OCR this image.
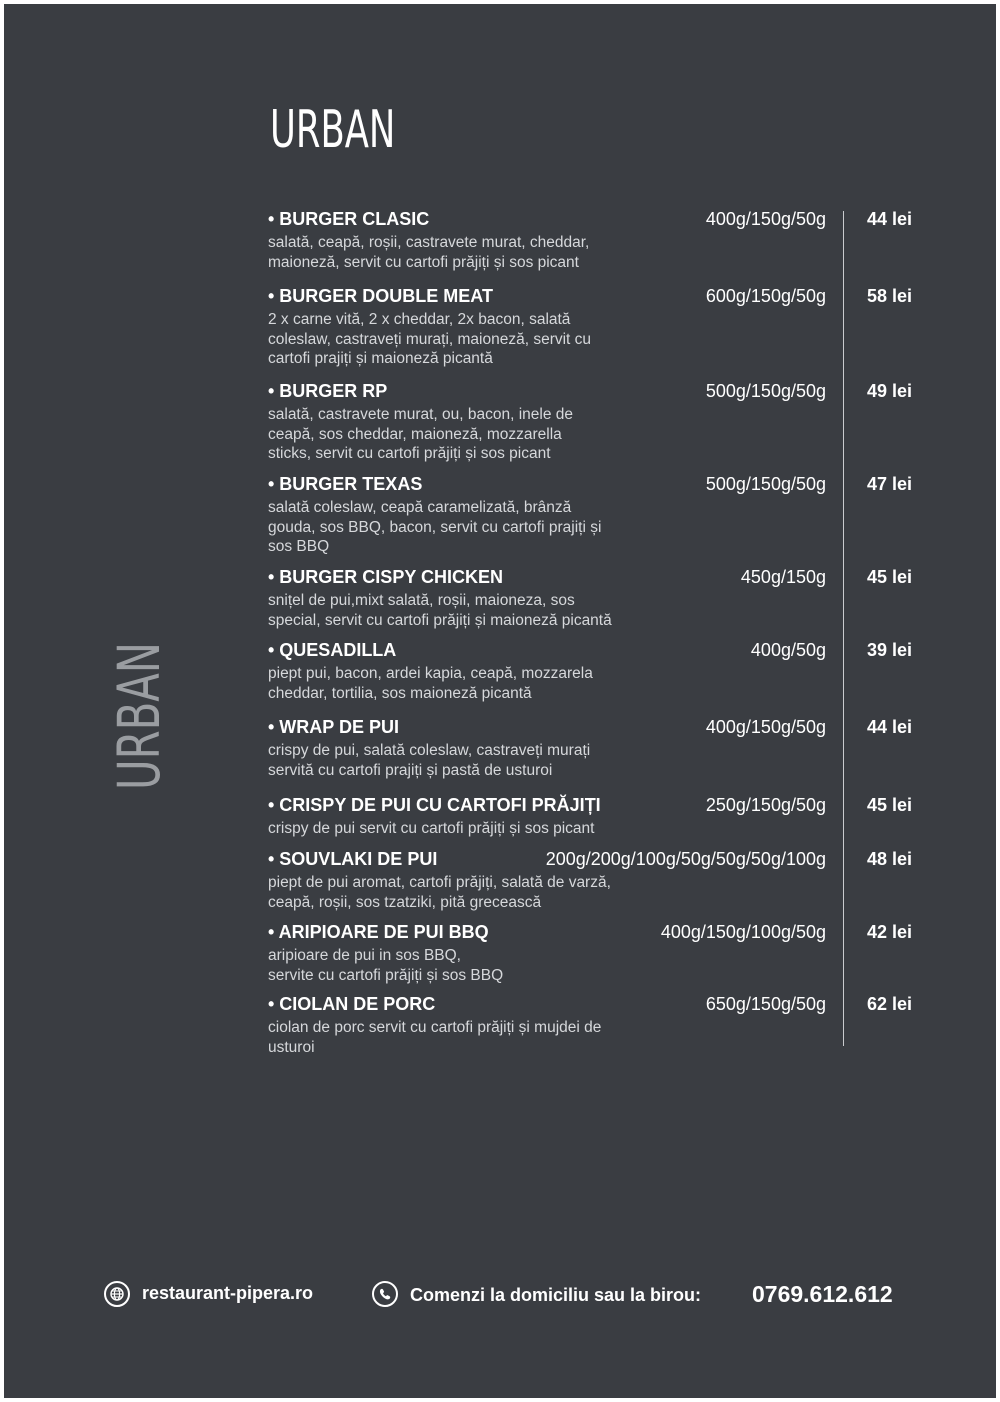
URBAN
URBAN
• BURGER CLASIC	400g/150g/50g 44 lei
salată, ceapă, roșii, castravete murat, cheddar,
maioneză, servit cu cartofi prăjiți și sos picant
• BURGER DOUBLE MEAT	600g/150g/50g 58 lei
2 x carne vită, 2 x cheddar, 2x bacon, salată
coleslaw, castraveți murați, maioneză, servit cu
cartofi prajiți și maioneză picantă
• BURGER RP	500g/150g/50g 49 lei
salată, castravete murat, ou, bacon, inele de
ceapă, sos cheddar, maioneză, mozzarella
sticks, servit cu cartofi prăjiți și sos picant
• BURGER TEXAS	500g/150g/50g 47 lei
salată coleslaw, ceapă caramelizată, brânză
gouda, sos BBQ, bacon, servit cu cartofi prajiți și
sos BBQ
• BURGER CISPY CHICKEN	450g/150g 45 lei
snițel de pui,mixt salată, roșii, maioneza, sos
special, servit cu cartofi prăjiți și maioneză picantă
• QUESADILLA	400g/50g 39 lei
piept pui, bacon, ardei kapia, ceapă, mozzarela
cheddar, tortilia, sos maioneză picantă
• WRAP DE PUI	400g/150g/50g 44 lei
crispy de pui, salată coleslaw, castraveți murați
servită cu cartofi prajiți și pastă de usturoi
• CRISPY DE PUI CU CARTOFI PRĂJIȚI	250g/150g/50g 45 lei
crispy de pui servit cu cartofi prăjiți și sos picant
• SOUVLAKI DE PUI	200g/200g/100g/50g/50g/50g/100g 48 lei
piept de pui aromat, cartofi prăjiți, salată de varză,
ceapă, roșii, sos tzatziki, pită grecească
• ARIPIOARE DE PUI BBQ	400g/150g/100g/50g 42 lei
aripioare de pui in sos BBQ,
servite cu cartofi prăjiți și sos BBQ
• CIOLAN DE PORC	650g/150g/50g 62 lei
ciolan de porc servit cu cartofi prăjiți și mujdei de
usturoi
restaurant-pipera.ro	Comenzi la domiciliu sau la birou: 0769.612.612
